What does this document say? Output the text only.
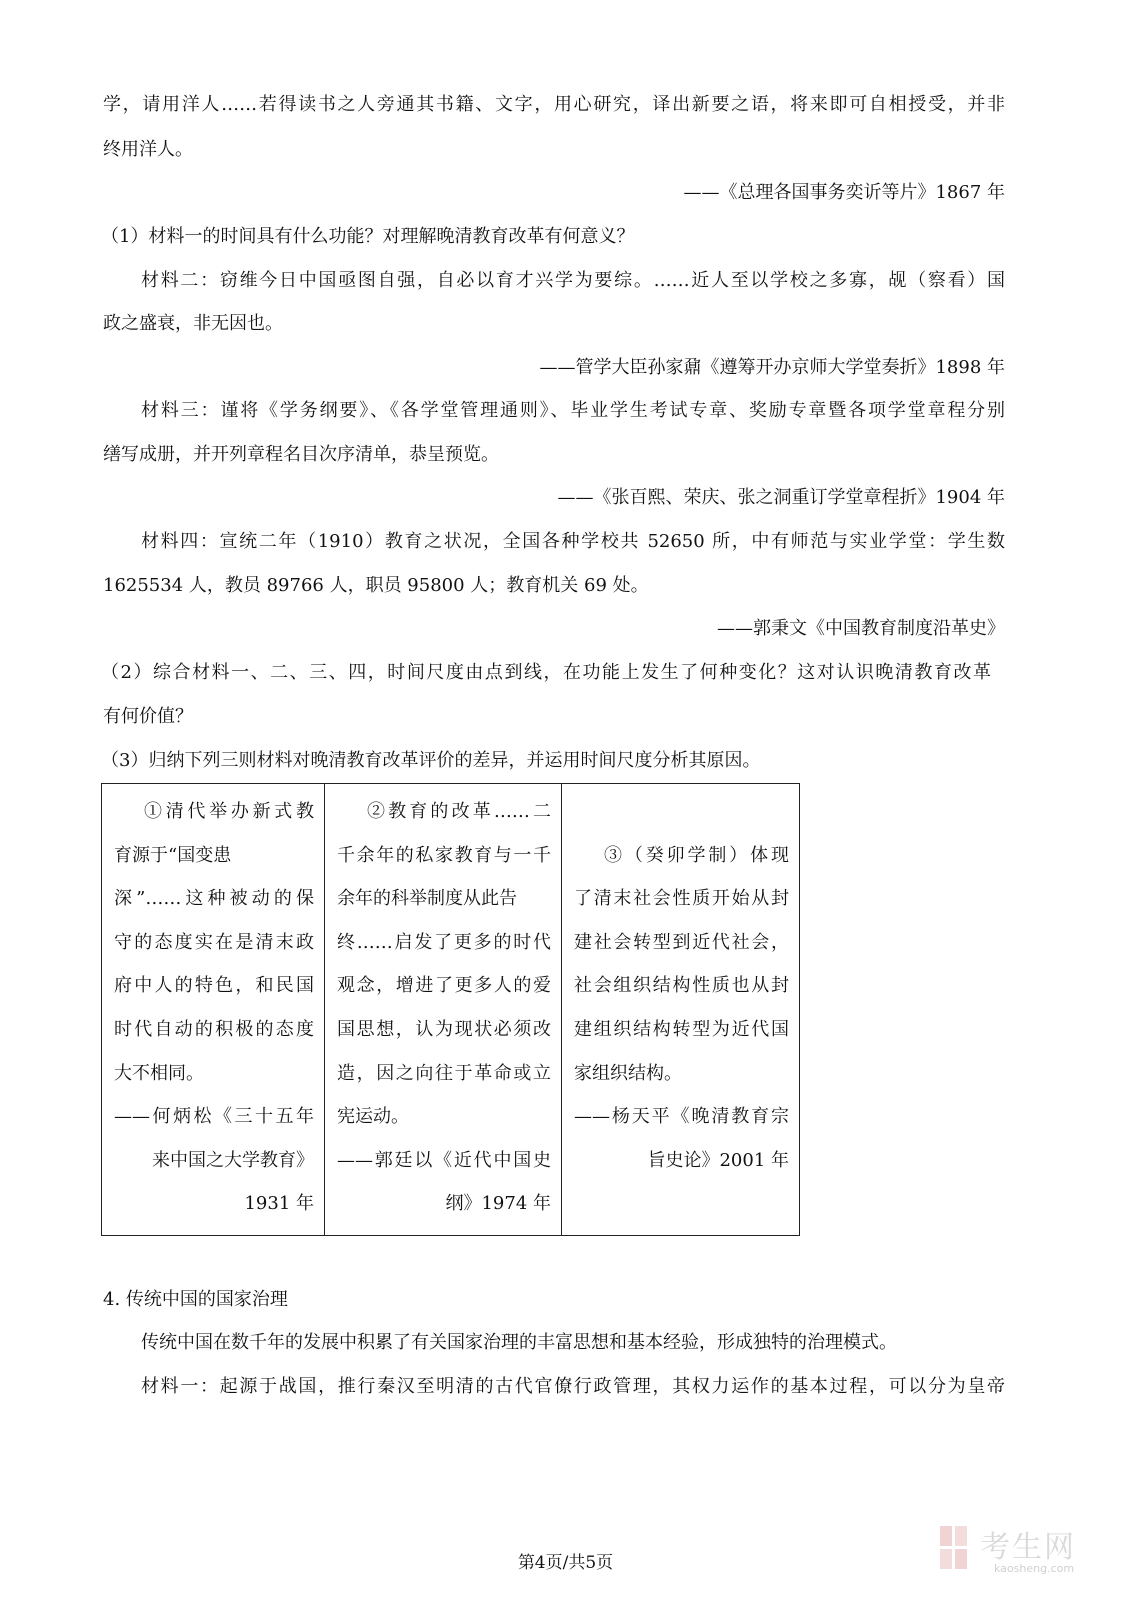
学，请用洋人……若得读书之人旁通其书籍、文字，用心研究，译出新要之语，将来即可自相授受，并非
终用洋人。
——《总理各国事务奕䜣等片》1867 年
（1）材料一的时间具有什么功能？对理解晚清教育改革有何意义？
材料二：窃维今日中国亟图自强，自必以育才兴学为要综。……近人至以学校之多寡，觇（察看）国
政之盛衰，非无因也。
——管学大臣孙家鼐《遵筹开办京师大学堂奏折》1898 年
材料三：谨将《学务纲要》、《各学堂管理通则》、毕业学生考试专章、奖励专章暨各项学堂章程分别
缮写成册，并开列章程名目次序清单，恭呈预览。
——《张百熙、荣庆、张之洞重订学堂章程折》1904 年
材料四：宣统二年（1910）教育之状况，全国各种学校共 52650 所，中有师范与实业学堂：学生数
1625534 人，教员 89766 人，职员 95800 人；教育机关 69 处。
——郭秉文《中国教育制度沿革史》
（2）综合材料一、二、三、四，时间尺度由点到线，在功能上发生了何种变化？这对认识晚清教育改革
有何价值？
（3）归纳下列三则材料对晚清教育改革评价的差异，并运用时间尺度分析其原因。
①清代举办新式教
育源于“国变患
深”……这种被动的保
守的态度实在是清末政
府中人的特色，和民国
时代自动的积极的态度
大不相同。
——何炳松《三十五年
来中国之大学教育》
1931 年

②教育的改革……二
千余年的私家教育与一千
余年的科举制度从此告
终……启发了更多的时代
观念，增进了更多人的爱
国思想，认为现状必须改
造，因之向往于革命或立
宪运动。
——郭廷以《近代中国史
纲》1974 年

③（癸卯学制）体现
了清末社会性质开始从封
建社会转型到近代社会，
社会组织结构性质也从封
建组织结构转型为近代国
家组织结构。
——杨天平《晚清教育宗
旨史论》2001 年
4. 传统中国的国家治理
传统中国在数千年的发展中积累了有关国家治理的丰富思想和基本经验，形成独特的治理模式。
材料一：起源于战国，推行秦汉至明清的古代官僚行政管理，其权力运作的基本过程，可以分为皇帝
第4页/共5页	考生网
kaosheng.com
